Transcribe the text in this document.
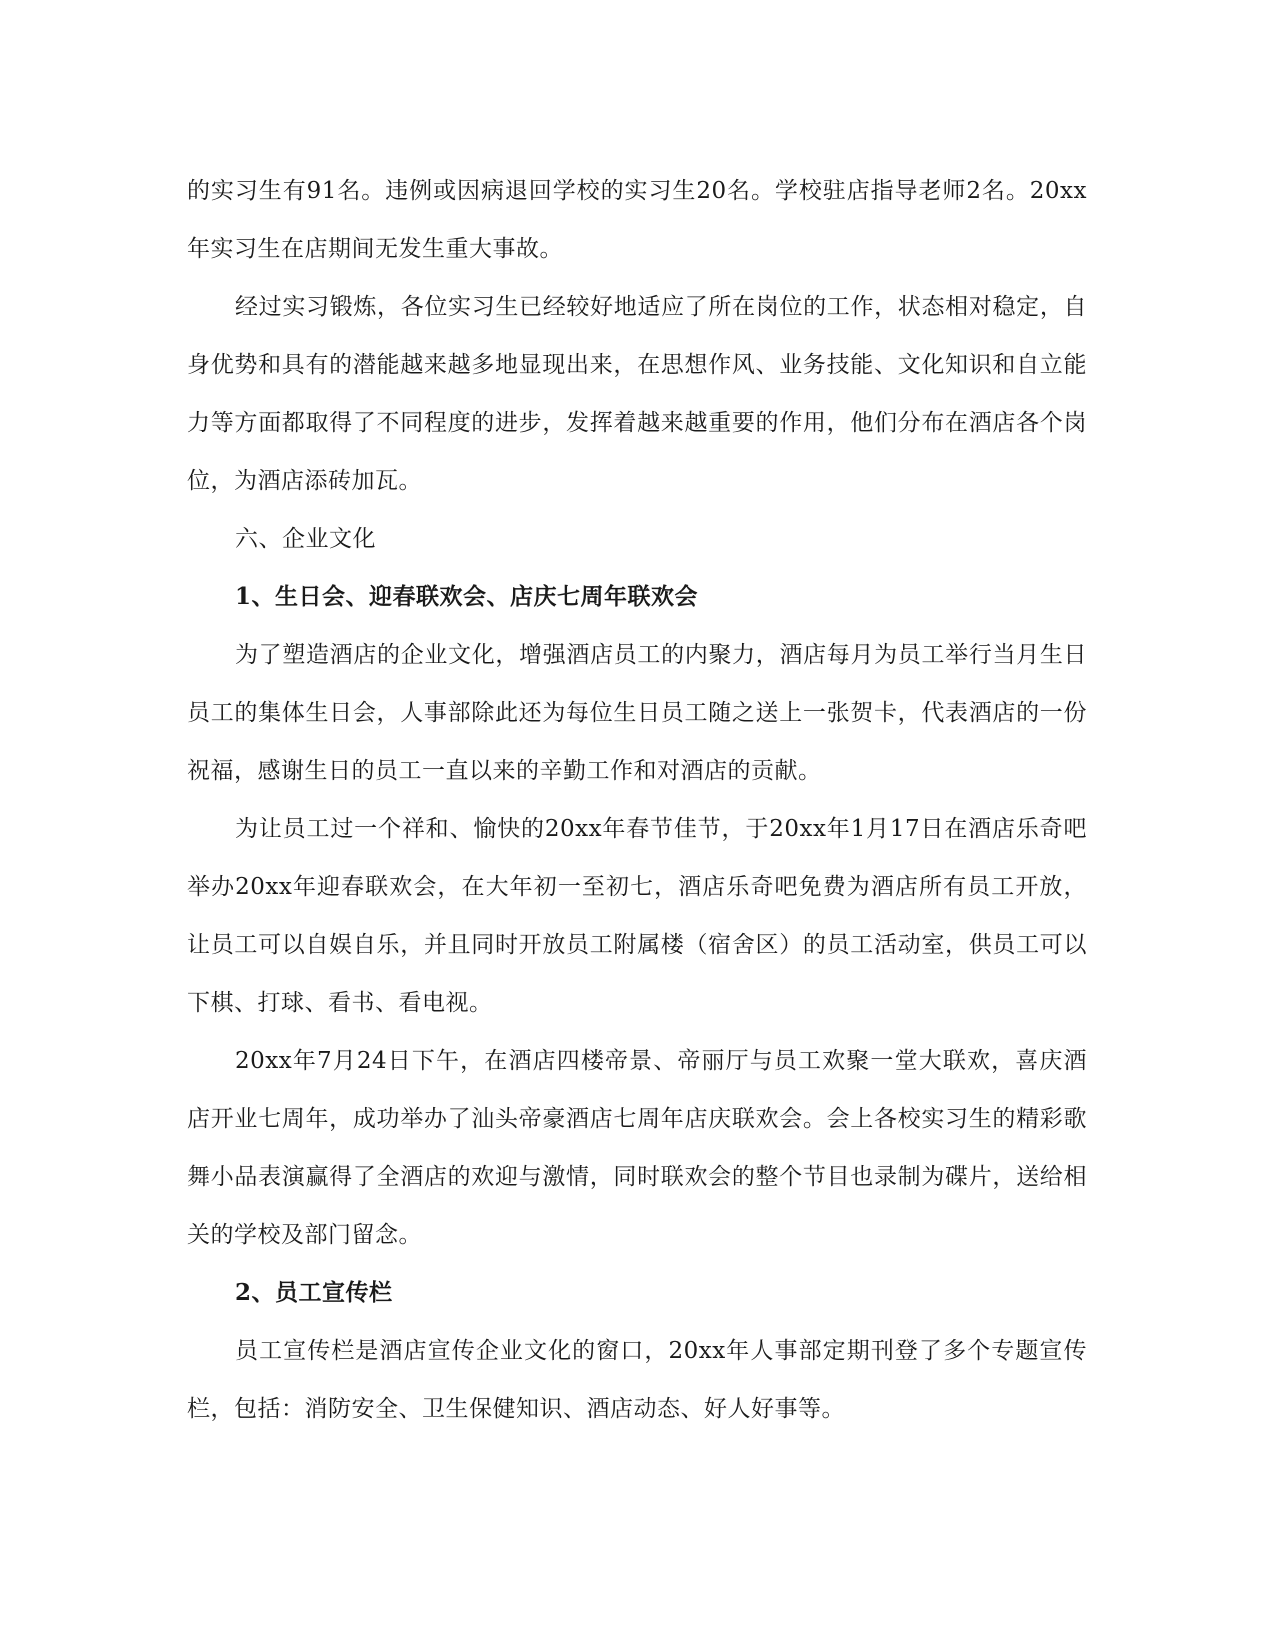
的实习生有91名。违例或因病退回学校的实习生20名。学校驻店指导老师2名。20xx年实习生在店期间无发生重大事故。

经过实习锻炼，各位实习生已经较好地适应了所在岗位的工作，状态相对稳定，自身优势和具有的潜能越来越多地显现出来，在思想作风、业务技能、文化知识和自立能力等方面都取得了不同程度的进步，发挥着越来越重要的作用，他们分布在酒店各个岗位，为酒店添砖加瓦。

六、企业文化

1、生日会、迎春联欢会、店庆七周年联欢会

为了塑造酒店的企业文化，增强酒店员工的内聚力，酒店每月为员工举行当月生日员工的集体生日会，人事部除此还为每位生日员工随之送上一张贺卡，代表酒店的一份祝福，感谢生日的员工一直以来的辛勤工作和对酒店的贡献。

为让员工过一个祥和、愉快的20xx年春节佳节，于20xx年1月17日在酒店乐奇吧举办20xx年迎春联欢会，在大年初一至初七，酒店乐奇吧免费为酒店所有员工开放，让员工可以自娱自乐，并且同时开放员工附属楼（宿舍区）的员工活动室，供员工可以下棋、打球、看书、看电视。

20xx年7月24日下午，在酒店四楼帝景、帝丽厅与员工欢聚一堂大联欢，喜庆酒店开业七周年，成功举办了汕头帝豪酒店七周年店庆联欢会。会上各校实习生的精彩歌舞小品表演赢得了全酒店的欢迎与激情，同时联欢会的整个节目也录制为碟片，送给相关的学校及部门留念。

2、员工宣传栏

员工宣传栏是酒店宣传企业文化的窗口，20xx年人事部定期刊登了多个专题宣传栏，包括：消防安全、卫生保健知识、酒店动态、好人好事等。
